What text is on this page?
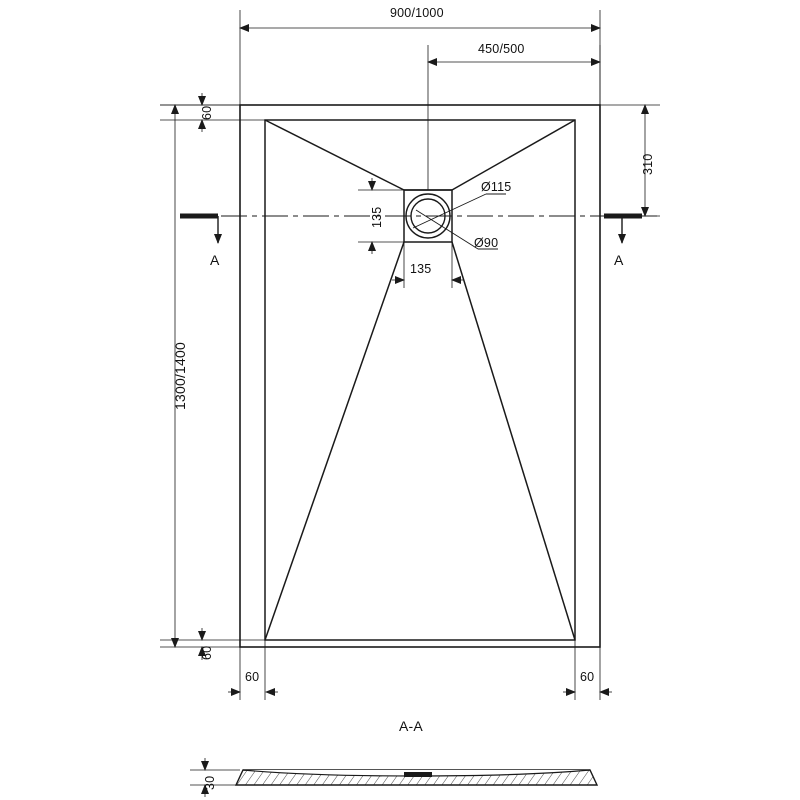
900/1000
450/500
60
1300/1400
60
310
135
135
Ø115
Ø90
A	A
60	60
A-A
30
